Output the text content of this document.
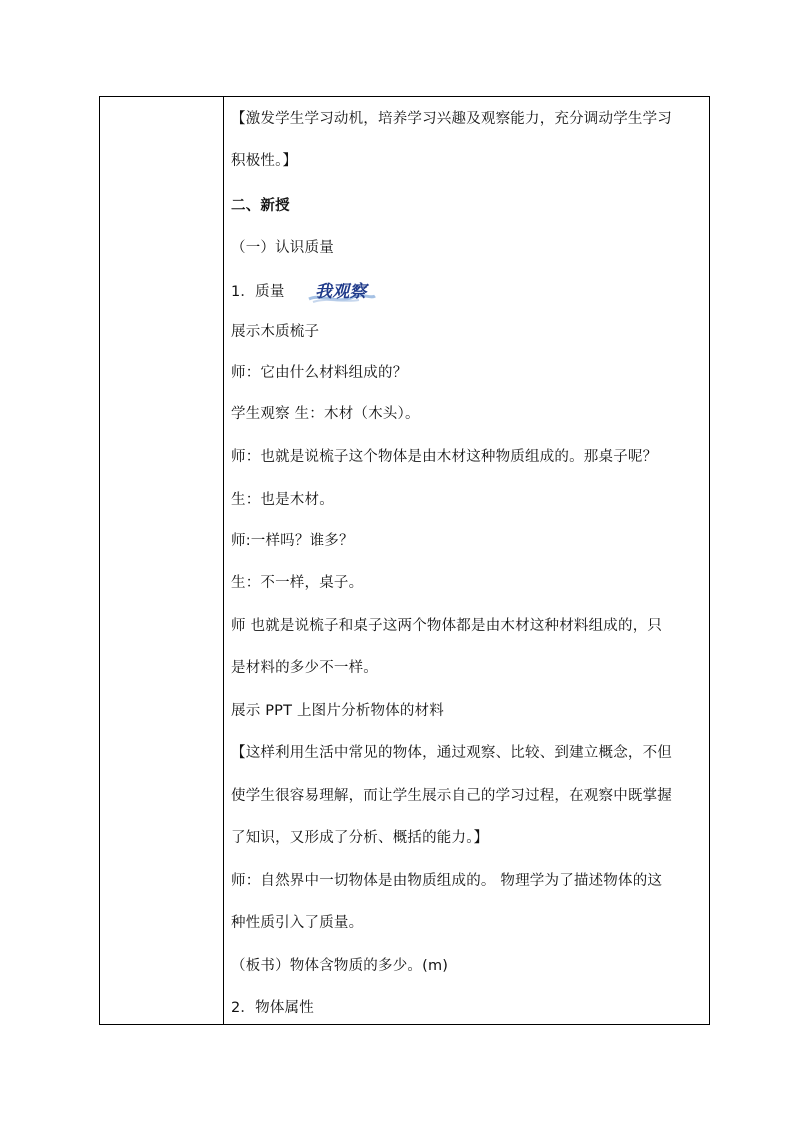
【激发学生学习动机，培养学习兴趣及观察能力，充分调动学生学习
积极性。】
二、新授
（一）认识质量
1．质量 我观察
展示木质梳子
师：它由什么材料组成的？
学生观察 生：木材（木头）。
师：也就是说梳子这个物体是由木材这种物质组成的。那桌子呢？
生：也是木材。
师:一样吗？谁多？
生：不一样，桌子。
师 也就是说梳子和桌子这两个物体都是由木材这种材料组成的，只
是材料的多少不一样。
展示 PPT 上图片分析物体的材料
【这样利用生活中常见的物体，通过观察、比较、到建立概念，不但
使学生很容易理解，而让学生展示自己的学习过程，在观察中既掌握
了知识，又形成了分析、概括的能力。】
师：自然界中一切物体是由物质组成的。 物理学为了描述物体的这
种性质引入了质量。
（板书）物体含物质的多少。(m)
2．物体属性
